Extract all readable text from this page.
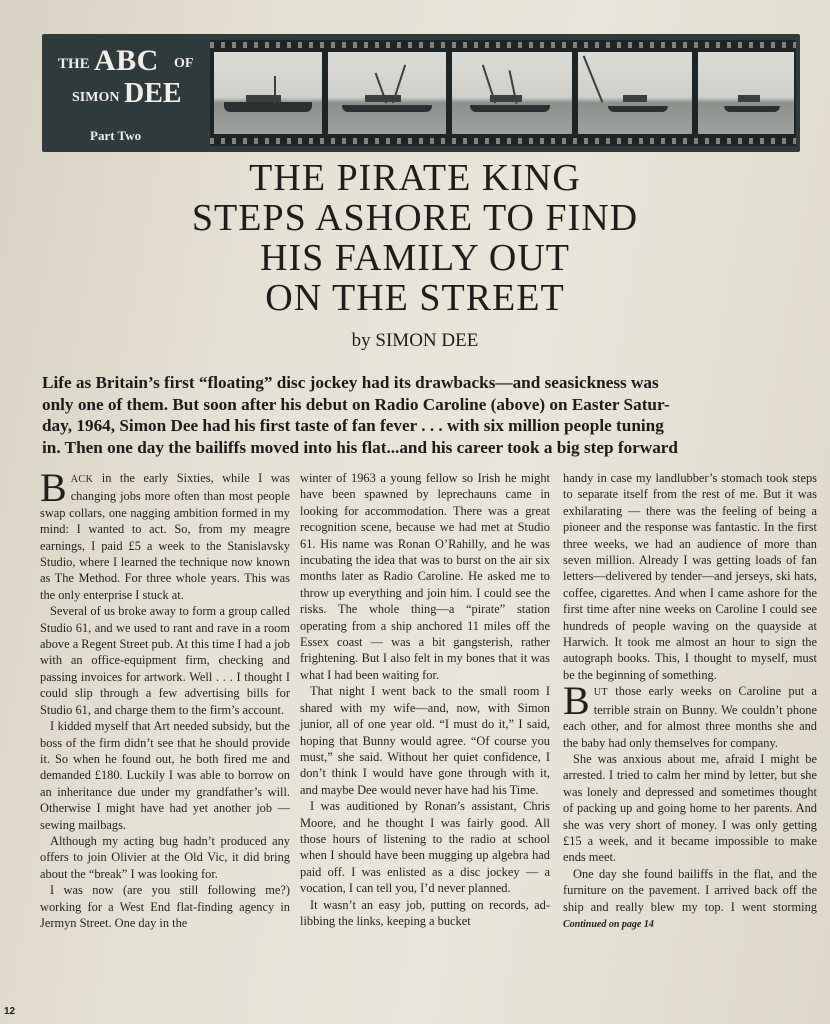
THE ABC OF
SIMON DEE
Part Two
THE PIRATE KING
STEPS ASHORE TO FIND
HIS FAMILY OUT
ON THE STREET
by SIMON DEE
Life as Britain’s first “floating” disc jockey had its drawbacks—and seasickness was
only one of them. But soon after his debut on Radio Caroline (above) on Easter Satur-
day, 1964, Simon Dee had his first taste of fan fever . . . with six million people tuning
in. Then one day the bailiffs moved into his flat...and his career took a big step forward

BACK in the early Sixties, while I was changing jobs more often than most people swap collars, one nagging ambition formed in my mind: I wanted to act. So, from my meagre earnings, I paid £5 a week to the Stanislavsky Studio, where I learned the technique now known as The Method. For three whole years. This was the only enterprise I stuck at.

Several of us broke away to form a group called Studio 61, and we used to rant and rave in a room above a Regent Street pub. At this time I had a job with an office-equipment firm, checking and passing invoices for artwork. Well . . . I thought I could slip through a few advertising bills for Studio 61, and charge them to the firm’s account.

I kidded myself that Art needed subsidy, but the boss of the firm didn’t see that he should provide it. So when he found out, he both fired me and demanded £180. Luckily I was able to borrow on an inheritance due under my grandfather’s will. Otherwise I might have had yet another job — sewing mailbags.

Although my acting bug hadn’t produced any offers to join Olivier at the Old Vic, it did bring about the “break” I was looking for.

I was now (are you still following me?) working for a West End flat-finding agency in Jermyn Street. One day in the

winter of 1963 a young fellow so Irish he might have been spawned by leprechauns came in looking for accommodation. There was a great recognition scene, because we had met at Studio 61. His name was Ronan O’Rahilly, and he was incubating the idea that was to burst on the air six months later as Radio Caroline. He asked me to throw up everything and join him. I could see the risks. The whole thing—a “pirate” station operating from a ship anchored 11 miles off the Essex coast — was a bit gangsterish, rather frightening. But I also felt in my bones that it was what I had been waiting for.

That night I went back to the small room I shared with my wife—and, now, with Simon junior, all of one year old. “I must do it,” I said, hoping that Bunny would agree. “Of course you must,” she said. Without her quiet confidence, I don’t think I would have gone through with it, and maybe Dee would never have had his Time.

I was auditioned by Ronan’s assistant, Chris Moore, and he thought I was fairly good. All those hours of listening to the radio at school when I should have been mugging up algebra had paid off. I was enlisted as a disc jockey — a vocation, I can tell you, I’d never planned.

It wasn’t an easy job, putting on records, ad-libbing the links, keeping a bucket

handy in case my landlubber’s stomach took steps to separate itself from the rest of me. But it was exhilarating — there was the feeling of being a pioneer and the response was fantastic. In the first three weeks, we had an audience of more than seven million. Already I was getting loads of fan letters—delivered by tender—and jerseys, ski hats, coffee, cigarettes. And when I came ashore for the first time after nine weeks on Caroline I could see hundreds of people waving on the quayside at Harwich. It took me almost an hour to sign the autograph books. This, I thought to myself, must be the beginning of something.

BUT those early weeks on Caroline put a terrible strain on Bunny. We couldn’t phone each other, and for almost three months she and the baby had only themselves for company.

She was anxious about me, afraid I might be arrested. I tried to calm her mind by letter, but she was lonely and depressed and sometimes thought of packing up and going home to her parents. And she was very short of money. I was only getting £15 a week, and it became impossible to make ends meet.

One day she found bailiffs in the flat, and the furniture on the pavement. I arrived back off the ship and really blew my top. I went storming Continued on page 14

12
